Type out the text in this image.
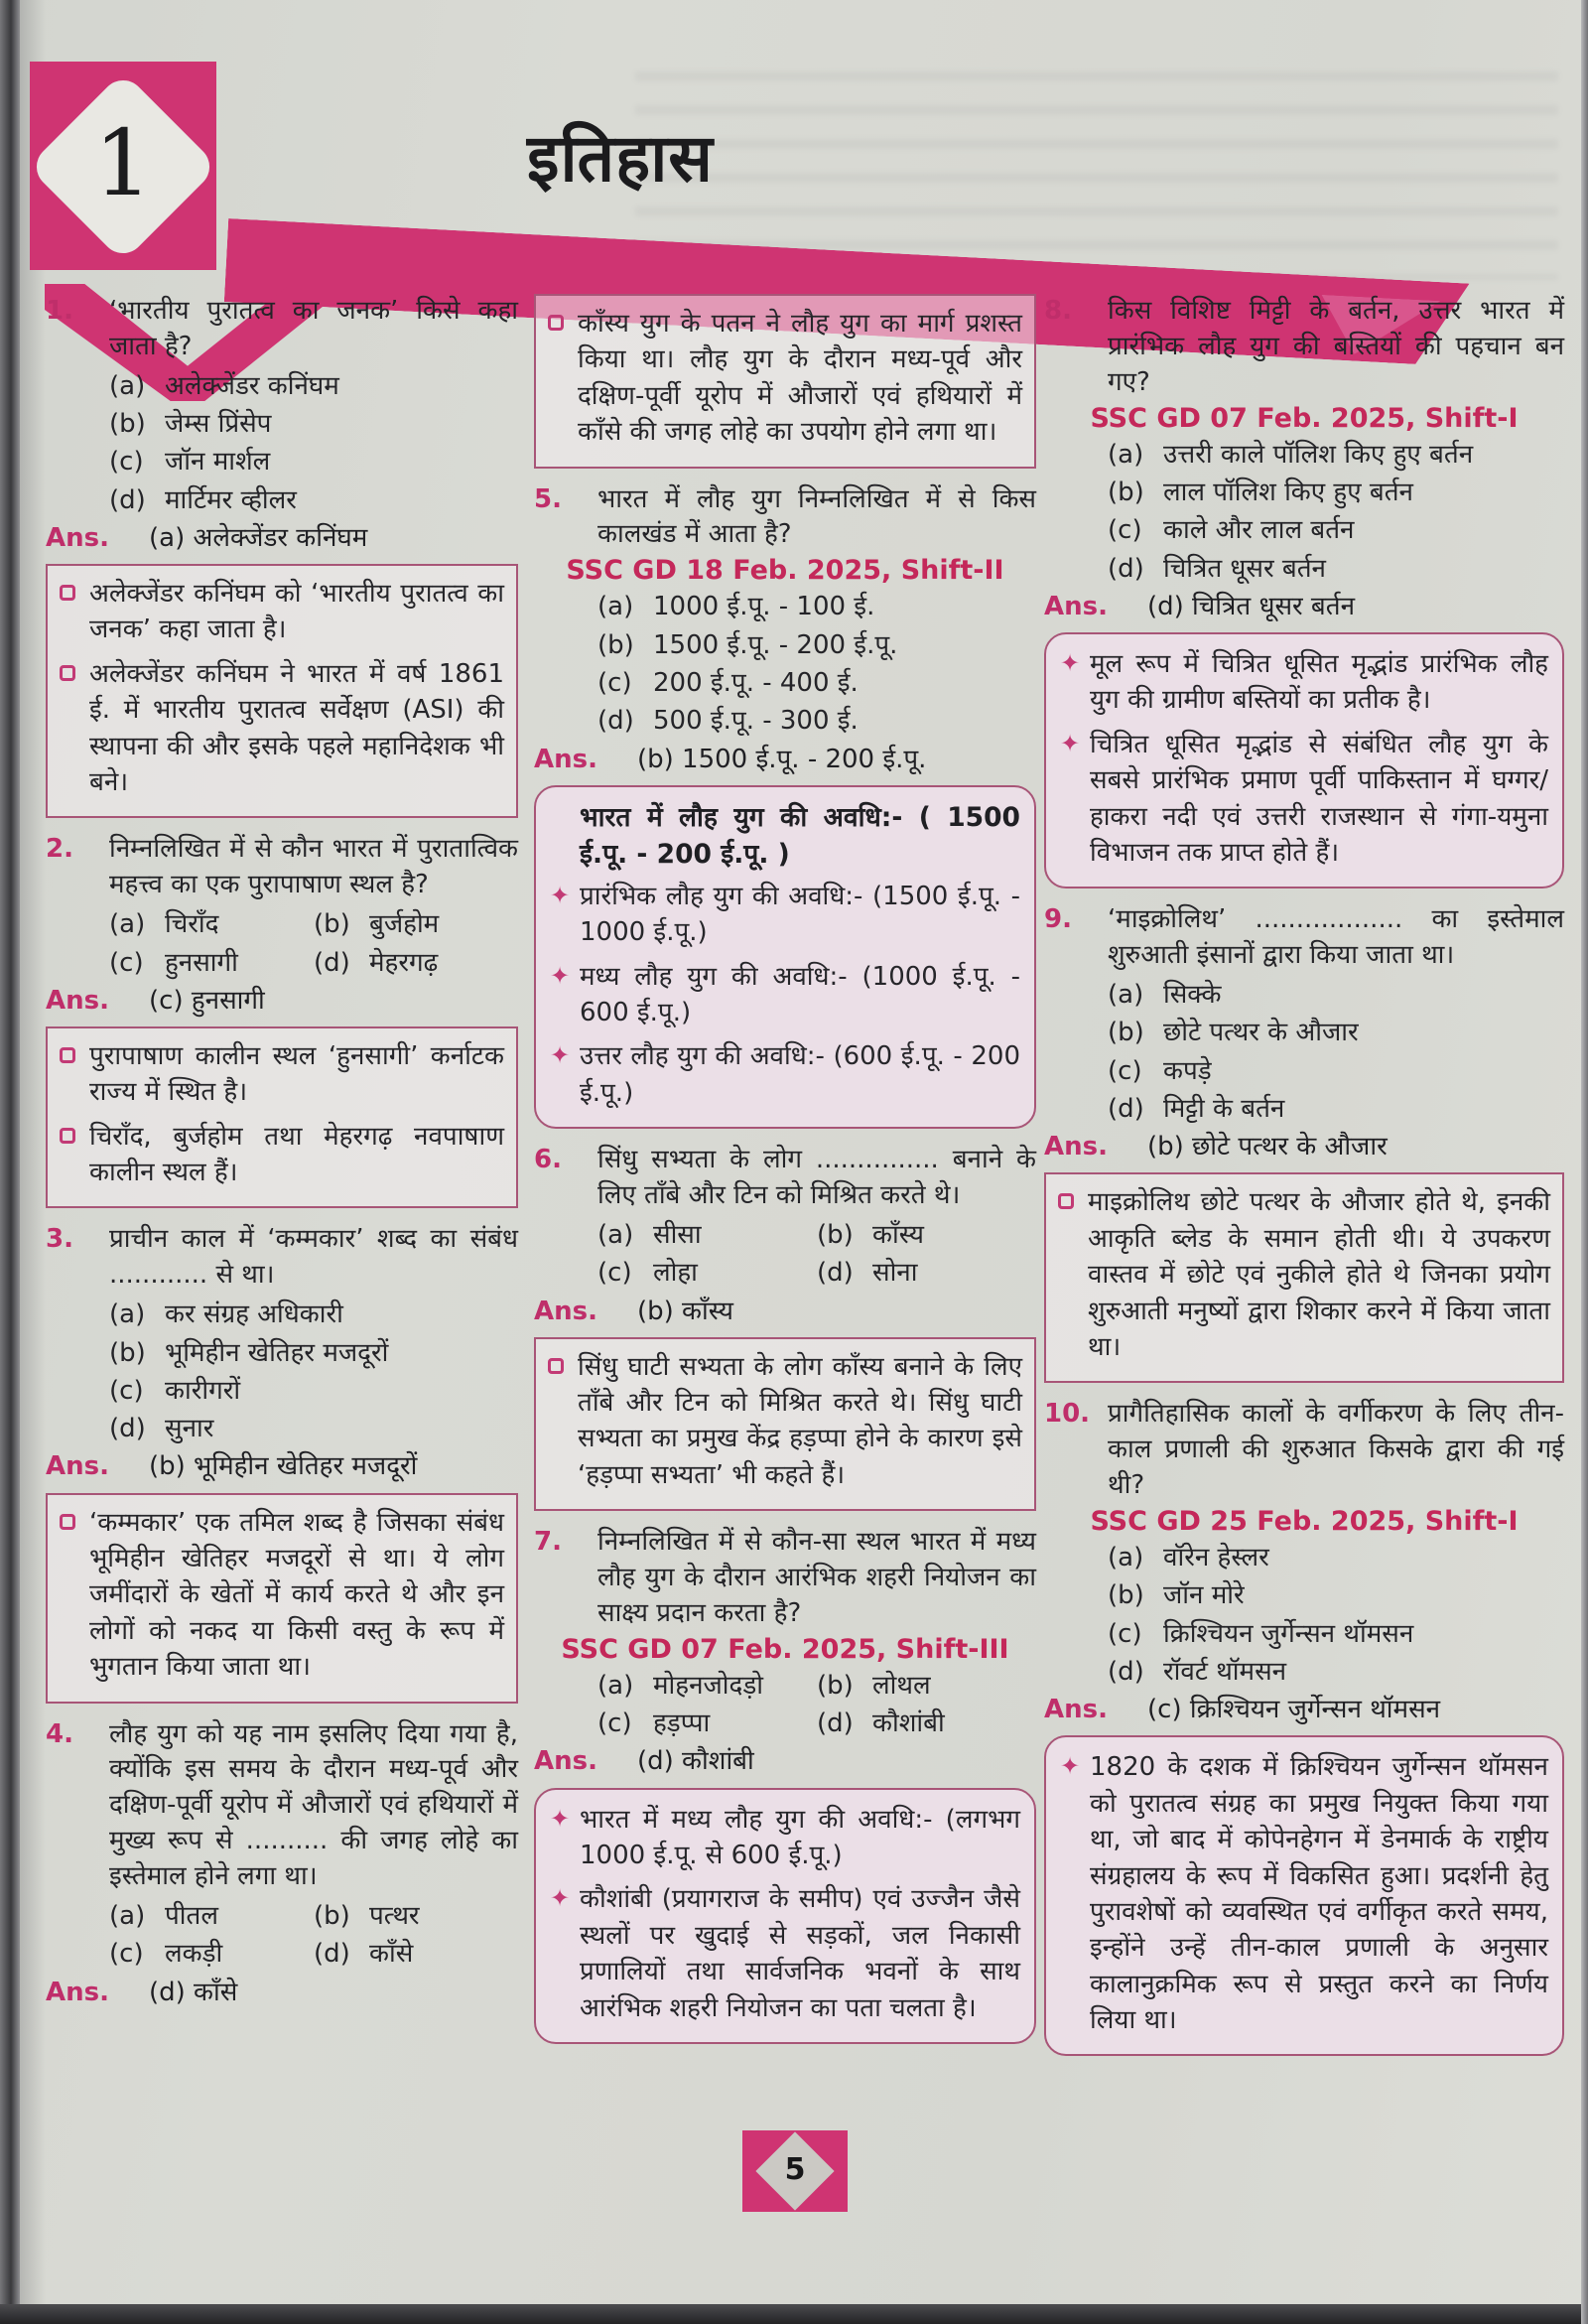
1	इतिहास
1.	‘भारतीय पुरातत्व का जनक’ किसे कहा जाता है?
(a) अलेक्जेंडर कनिंघम
(b) जेम्स प्रिंसेप
(c) जॉन मार्शल
(d) मार्टिमर व्हीलर
Ans.	(a) अलेक्जेंडर कनिंघम
अलेक्जेंडर कनिंघम को ‘भारतीय पुरातत्व का जनक’ कहा जाता है।
अलेक्जेंडर कनिंघम ने भारत में वर्ष 1861 ई. में भारतीय पुरातत्व सर्वेक्षण (ASI) की स्थापना की और इसके पहले महानिदेशक भी बने।
2.	निम्नलिखित में से कौन भारत में पुरातात्विक महत्त्व का एक पुरापाषाण स्थल है?
(a) चिराँद	(b) बुर्जहोम
(c) हुनसागी	(d) मेहरगढ़
Ans.	(c) हुनसागी
पुरापाषाण कालीन स्थल ‘हुनसागी’ कर्नाटक राज्य में स्थित है।
चिराँद, बुर्जहोम तथा मेहरगढ़ नवपाषाण कालीन स्थल हैं।
3.	प्राचीन काल में ‘कम्मकार’ शब्द का संबंध ............ से था।
(a) कर संग्रह अधिकारी
(b) भूमिहीन खेतिहर मजदूरों
(c) कारीगरों
(d) सुनार
Ans.	(b) भूमिहीन खेतिहर मजदूरों
‘कम्मकार’ एक तमिल शब्द है जिसका संबंध भूमिहीन खेतिहर मजदूरों से था। ये लोग जमींदारों के खेतों में कार्य करते थे और इन लोगों को नकद या किसी वस्तु के रूप में भुगतान किया जाता था।
4.	लौह युग को यह नाम इसलिए दिया गया है, क्योंकि इस समय के दौरान मध्य-पूर्व और दक्षिण-पूर्वी यूरोप में औजारों एवं हथियारों में मुख्य रूप से .......... की जगह लोहे का इस्तेमाल होने लगा था।
(a) पीतल	(b) पत्थर
(c) लकड़ी	(d) काँसे
Ans.	(d) काँसे
काँस्य युग के पतन ने लौह युग का मार्ग प्रशस्त किया था। लौह युग के दौरान मध्य-पूर्व और दक्षिण-पूर्वी यूरोप में औजारों एवं हथियारों में काँसे की जगह लोहे का उपयोग होने लगा था।
5.	भारत में लौह युग निम्नलिखित में से किस कालखंड में आता है?
SSC GD 18 Feb. 2025, Shift-II
(a) 1000 ई.पू. - 100 ई.
(b) 1500 ई.पू. - 200 ई.पू.
(c) 200 ई.पू. - 400 ई.
(d) 500 ई.पू. - 300 ई.
Ans.	(b) 1500 ई.पू. - 200 ई.पू.
भारत में लौह युग की अवधि:- ( 1500 ई.पू. - 200 ई.पू. )
✦ प्रारंभिक लौह युग की अवधि:- (1500 ई.पू. - 1000 ई.पू.)
✦ मध्य लौह युग की अवधि:- (1000 ई.पू. - 600 ई.पू.)
✦ उत्तर लौह युग की अवधि:- (600 ई.पू. - 200 ई.पू.)
6.	सिंधु सभ्यता के लोग ............... बनाने के लिए ताँबे और टिन को मिश्रित करते थे।
(a) सीसा	(b) काँस्य
(c) लोहा	(d) सोना
Ans.	(b) काँस्य
सिंधु घाटी सभ्यता के लोग काँस्य बनाने के लिए ताँबे और टिन को मिश्रित करते थे। सिंधु घाटी सभ्यता का प्रमुख केंद्र हड़प्पा होने के कारण इसे ‘हड़प्पा सभ्यता’ भी कहते हैं।
7.	निम्नलिखित में से कौन-सा स्थल भारत में मध्य लौह युग के दौरान आरंभिक शहरी नियोजन का साक्ष्य प्रदान करता है?
SSC GD 07 Feb. 2025, Shift-III
(a) मोहनजोदड़ो	(b) लोथल
(c) हड़प्पा	(d) कौशांबी
Ans.	(d) कौशांबी
✦ भारत में मध्य लौह युग की अवधि:- (लगभग 1000 ई.पू. से 600 ई.पू.)
✦ कौशांबी (प्रयागराज के समीप) एवं उज्जैन जैसे स्थलों पर खुदाई से सड़कों, जल निकासी प्रणालियों तथा सार्वजनिक भवनों के साथ आरंभिक शहरी नियोजन का पता चलता है।
8.	किस विशिष्ट मिट्टी के बर्तन, उत्तर भारत में प्रारंभिक लौह युग की बस्तियों की पहचान बन गए?
SSC GD 07 Feb. 2025, Shift-I
(a) उत्तरी काले पॉलिश किए हुए बर्तन
(b) लाल पॉलिश किए हुए बर्तन
(c) काले और लाल बर्तन
(d) चित्रित धूसर बर्तन
Ans.	(d) चित्रित धूसर बर्तन
✦ मूल रूप में चित्रित धूसित मृद्भांड प्रारंभिक लौह युग की ग्रामीण बस्तियों का प्रतीक है।
✦ चित्रित धूसित मृद्भांड से संबंधित लौह युग के सबसे प्रारंभिक प्रमाण पूर्वी पाकिस्तान में घग्गर/हाकरा नदी एवं उत्तरी राजस्थान से गंगा-यमुना विभाजन तक प्राप्त होते हैं।
9.	‘माइक्रोलिथ’ .................. का इस्तेमाल शुरुआती इंसानों द्वारा किया जाता था।
(a) सिक्के
(b) छोटे पत्थर के औजार
(c) कपड़े
(d) मिट्टी के बर्तन
Ans.	(b) छोटे पत्थर के औजार
माइक्रोलिथ छोटे पत्थर के औजार होते थे, इनकी आकृति ब्लेड के समान होती थी। ये उपकरण वास्तव में छोटे एवं नुकीले होते थे जिनका प्रयोग शुरुआती मनुष्यों द्वारा शिकार करने में किया जाता था।
10. प्रागैतिहासिक कालों के वर्गीकरण के लिए तीन-काल प्रणाली की शुरुआत किसके द्वारा की गई थी?
SSC GD 25 Feb. 2025, Shift-I
(a) वॉरेन हेस्लर
(b) जॉन मोरे
(c) क्रिश्चियन जुर्गेन्सन थॉमसन
(d) रॉवर्ट थॉमसन
Ans.	(c) क्रिश्चियन जुर्गेन्सन थॉमसन
✦ 1820 के दशक में क्रिश्चियन जुर्गेन्सन थॉमसन को पुरातत्व संग्रह का प्रमुख नियुक्त किया गया था, जो बाद में कोपेनहेगन में डेनमार्क के राष्ट्रीय संग्रहालय के रूप में विकसित हुआ। प्रदर्शनी हेतु पुरावशेषों को व्यवस्थित एवं वर्गीकृत करते समय, इन्होंने उन्हें तीन-काल प्रणाली के अनुसार कालानुक्रमिक रूप से प्रस्तुत करने का निर्णय लिया था।
5
